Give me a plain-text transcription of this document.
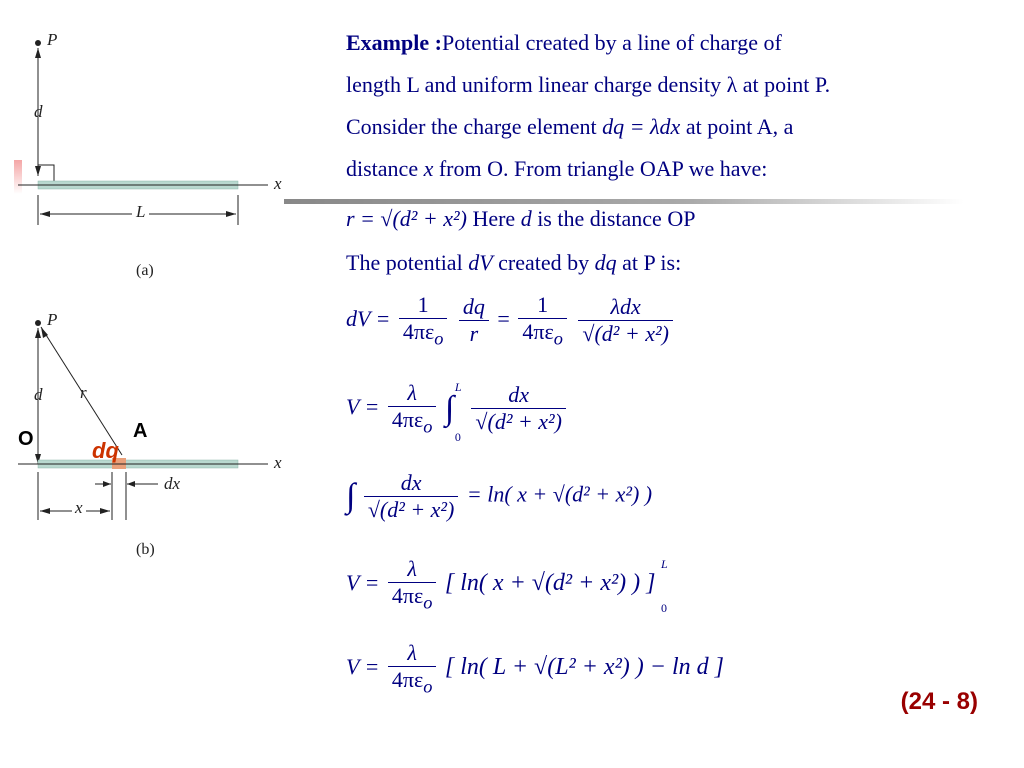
P
d
x
L
(a)
P
d r
O	A
dq	x
dx
x
(b)
Example :Potential created by a line of charge of
length L and uniform linear charge density λ at point P.
Consider the charge element dq = λdx at point A, a
distance x from O. From triangle OAP we have:
r = √(d² + x²) Here d is the distance OP
The potential dV created by dq at P is:
dV = $\frac{1}{4\pi\varepsilon_o}$
$\frac{dq}{r} = \frac{1}{4\pi\varepsilon_o}$
$\frac{\text{λdx}}{\text{√(d² + x²)}}$
$V = \frac{\lambda}{4\pi\varepsilon_o}$ ∫
L
0

$\frac{dx}{\text{√(d² + x²)}}$
∫ $\frac{dx}{\text{√(d² + x²)}} = \ln$( x + √(d² + x²) )
$V = \frac{\lambda}{4\pi\varepsilon_o}$ [ ln( x + √(d² + x²) ) ]
L
0
$V = \frac{\lambda}{4\pi\varepsilon_o}$ [ ln( L + √(L² + x²) ) − ln d ]
(24 - 8)
